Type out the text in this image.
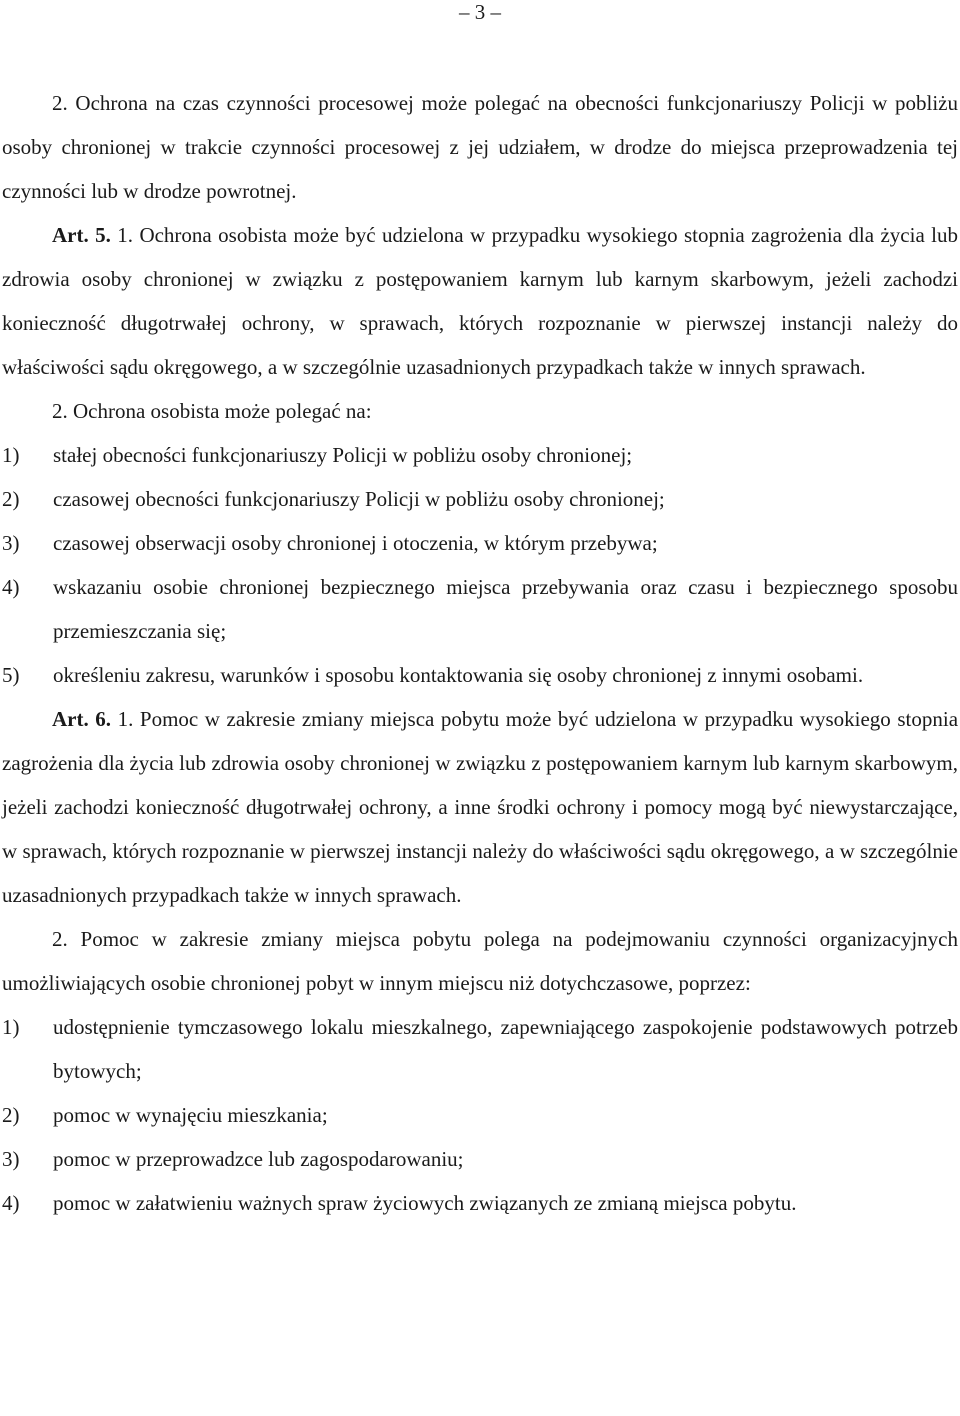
– 3 –

2. Ochrona na czas czynności procesowej może polegać na obecności funkcjonariuszy Policji w pobliżu osoby chronionej w trakcie czynności procesowej z jej udziałem, w drodze do miejsca przeprowadzenia tej czynności lub w drodze powrotnej.

Art. 5. 1. Ochrona osobista może być udzielona w przypadku wysokiego stopnia zagrożenia dla życia lub zdrowia osoby chronionej w związku z postępowaniem karnym lub karnym skarbowym, jeżeli zachodzi konieczność długotrwałej ochrony, w sprawach, których rozpoznanie w pierwszej instancji należy do właściwości sądu okręgowego, a w szczególnie uzasadnionych przypadkach także w innych sprawach.

2. Ochrona osobista może polegać na:

1) stałej obecności funkcjonariuszy Policji w pobliżu osoby chronionej;

2) czasowej obecności funkcjonariuszy Policji w pobliżu osoby chronionej;

3) czasowej obserwacji osoby chronionej i otoczenia, w którym przebywa;

4) wskazaniu osobie chronionej bezpiecznego miejsca przebywania oraz czasu i bezpiecznego sposobu przemieszczania się;

5) określeniu zakresu, warunków i sposobu kontaktowania się osoby chronionej z innymi osobami.

Art. 6. 1. Pomoc w zakresie zmiany miejsca pobytu może być udzielona w przypadku wysokiego stopnia zagrożenia dla życia lub zdrowia osoby chronionej w związku z postępowaniem karnym lub karnym skarbowym, jeżeli zachodzi konieczność długotrwałej ochrony, a inne środki ochrony i pomocy mogą być niewystarczające, w sprawach, których rozpoznanie w pierwszej instancji należy do właściwości sądu okręgowego, a w szczególnie uzasadnionych przypadkach także w innych sprawach.

2. Pomoc w zakresie zmiany miejsca pobytu polega na podejmowaniu czynności organizacyjnych umożliwiających osobie chronionej pobyt w innym miejscu niż dotychczasowe, poprzez:

1) udostępnienie tymczasowego lokalu mieszkalnego, zapewniającego zaspokojenie podstawowych potrzeb bytowych;

2) pomoc w wynajęciu mieszkania;

3) pomoc w przeprowadzce lub zagospodarowaniu;

4) pomoc w załatwieniu ważnych spraw życiowych związanych ze zmianą miejsca pobytu.
